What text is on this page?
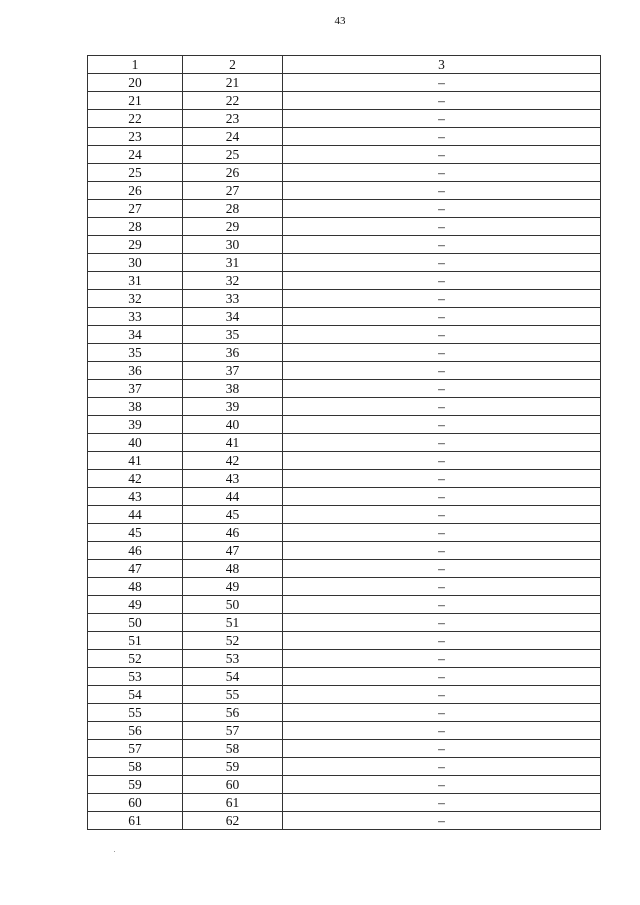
43
1	2	3
20	21	–
21	22	–
22	23	–
23	24	–
24	25	–
25	26	–
26	27	–
27	28	–
28	29	–
29	30	–
30	31	–
31	32	–
32	33	–
33	34	–
34	35	–
35	36	–
36	37	–
37	38	–
38	39	–
39	40	–
40	41	–
41	42	–
42	43	–
43	44	–
44	45	–
45	46	–
46	47	–
47	48	–
48	49	–
49	50	–
50	51	–
51	52	–
52	53	–
53	54	–
54	55	–
55	56	–
56	57	–
57	58	–
58	59	–
59	60	–
60	61	–
61	62	–
